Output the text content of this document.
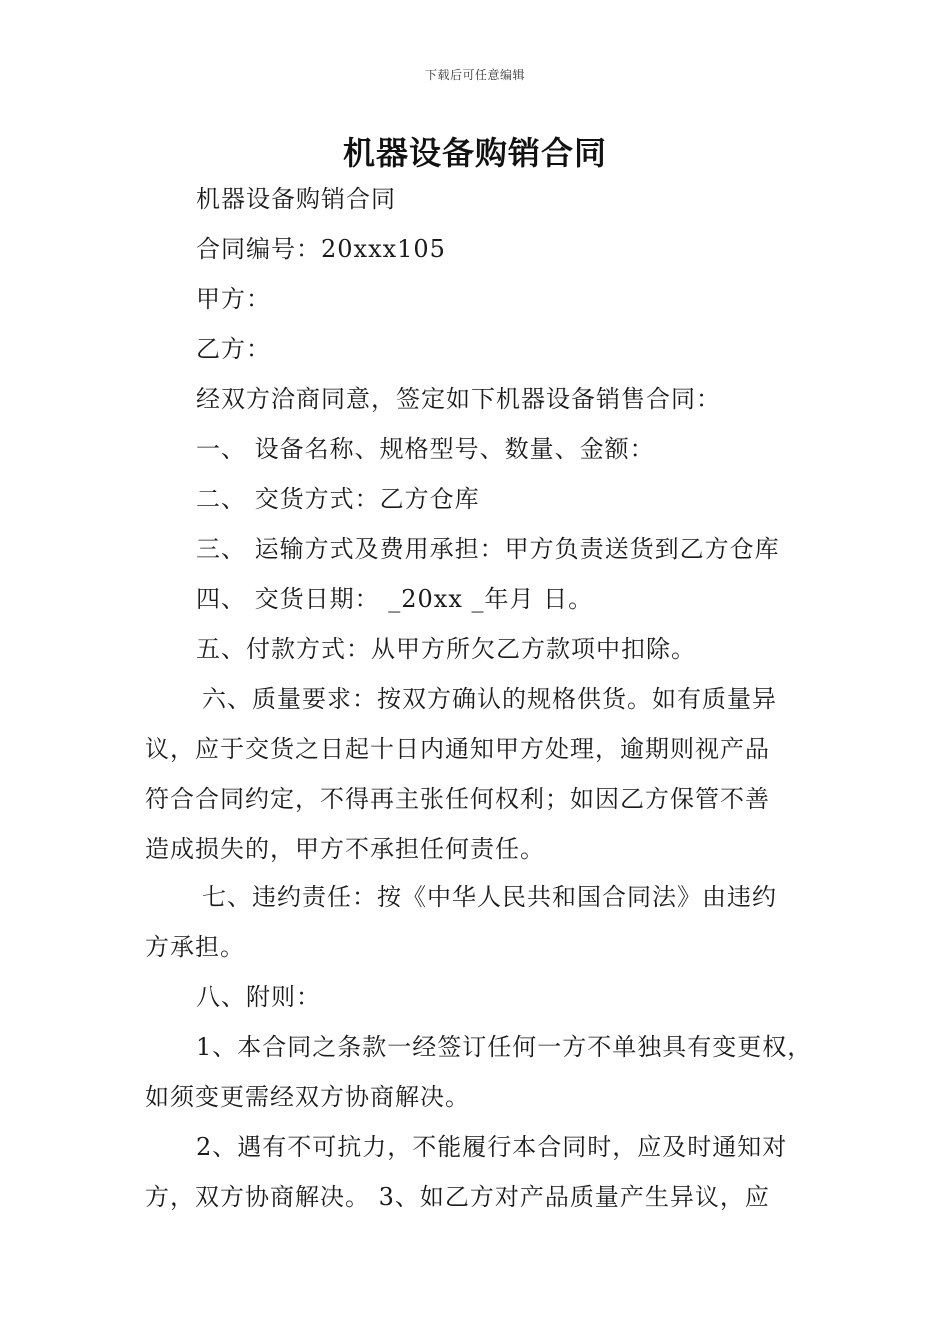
下载后可任意编辑
机器设备购销合同
机器设备购销合同
合同编号：20xxx105
甲方：
乙方：
经双方洽商同意，签定如下机器设备销售合同：
一、 设备名称、规格型号、数量、金额：
二、 交货方式：乙方仓库
三、 运输方式及费用承担：甲方负责送货到乙方仓库
四、 交货日期： _20xx _年月 日。
五、付款方式：从甲方所欠乙方款项中扣除。
六、质量要求：按双方确认的规格供货。如有质量异
议，应于交货之日起十日内通知甲方处理，逾期则视产品
符合合同约定，不得再主张任何权利；如因乙方保管不善
造成损失的，甲方不承担任何责任。
七、违约责任：按《中华人民共和国合同法》由违约
方承担。
八、附则：
1、本合同之条款一经签订任何一方不单独具有变更权，
如须变更需经双方协商解决。
2、遇有不可抗力，不能履行本合同时，应及时通知对
方，双方协商解决。 3、如乙方对产品质量产生异议，应
